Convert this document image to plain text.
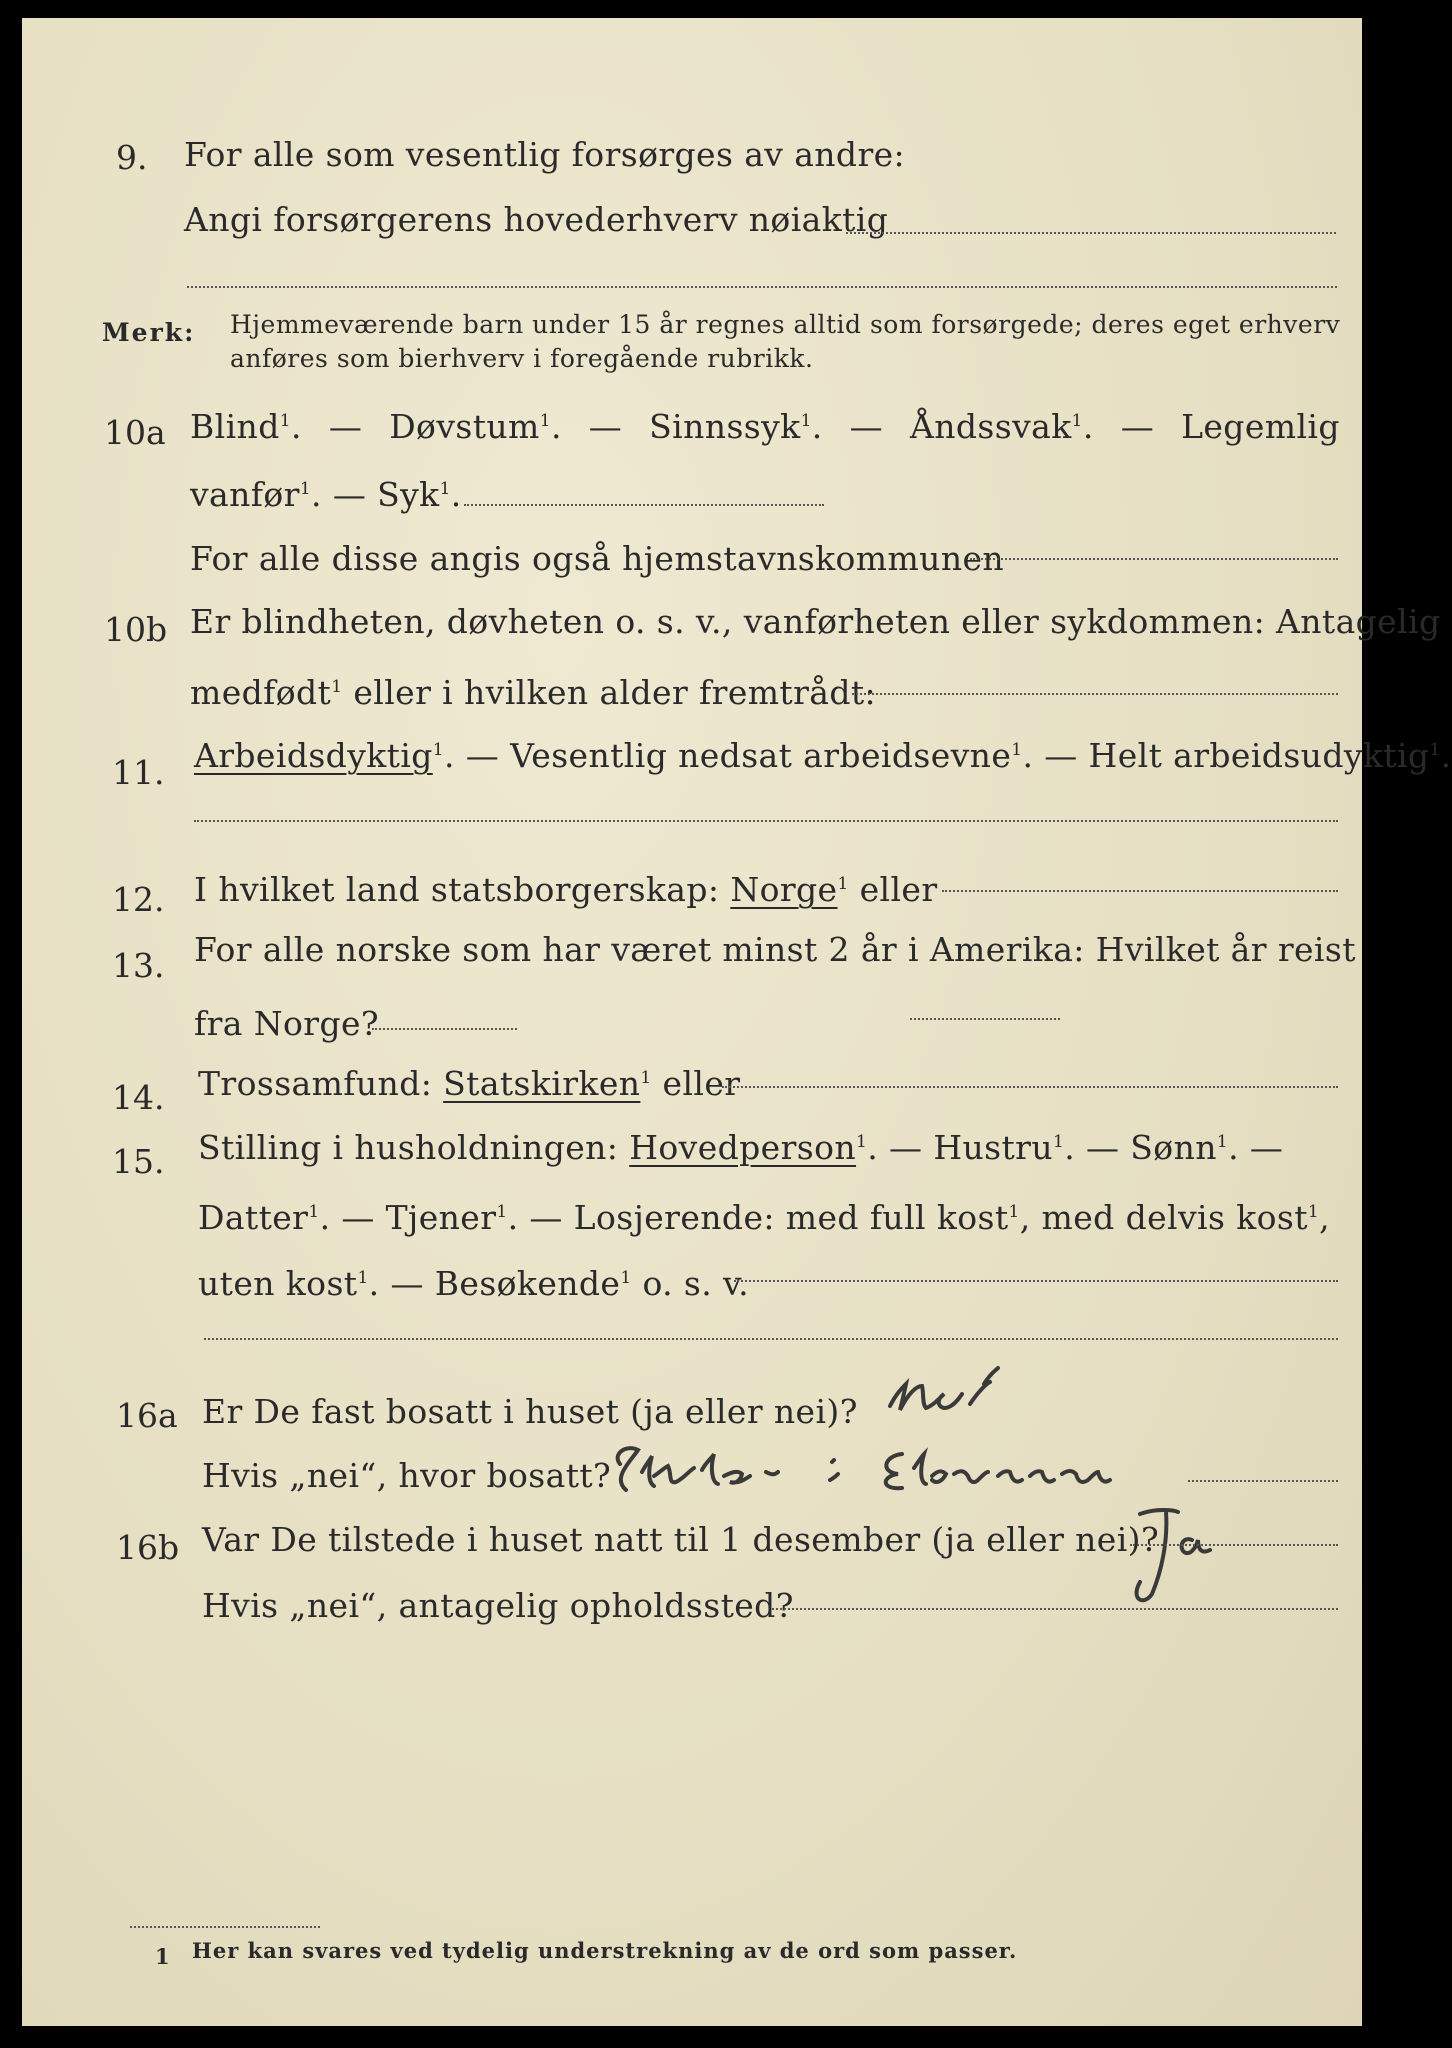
9. For alle som vesentlig forsørges av andre:
Angi forsørgerens hovederhverv nøiaktig
Merk: Hjemmeværende barn under 15 år regnes alltid som forsørgede; deres eget erhverv
anføres som bierhverv i foregående rubrikk.
10a Blind$^1$. — Døvstum$^1$. — Sinnssyk$^1$. — Åndssvak$^1$. — Legemlig
vanfør$^1$. — Syk$^1$.
For alle disse angis også hjemstavnskommunen
10b Er blindheten, døvheten o. s. v., vanførheten eller sykdommen: Antagelig
medfødt$^1$ eller i hvilken alder fremtrådt:
11. Arbeidsdyktig$^1$. — Vesentlig nedsat arbeidsevne$^1$. — Helt arbeidsudyktig$^1$.
12. I hvilket land statsborgerskap: Norge$^1$ eller
13. For alle norske som har været minst 2 år i Amerika: Hvilket år reist
fra Norge?
14. Trossamfund: Statskirken$^1$ eller
15. Stilling i husholdningen: Hovedperson$^1$. — Hustru$^1$. — Sønn$^1$. —
Datter$^1$. — Tjener$^1$. — Losjerende: med full kost$^1$, med delvis kost$^1$,
uten kost$^1$. — Besøkende$^1$ o. s. v.
16a Er De fast bosatt i huset (ja eller nei)?
Hvis „nei“, hvor bosatt?
16b Var De tilstede i huset natt til 1 desember (ja eller nei)?
Hvis „nei“, antagelig opholdssted?
1 Her kan svares ved tydelig understrekning av de ord som passer.
